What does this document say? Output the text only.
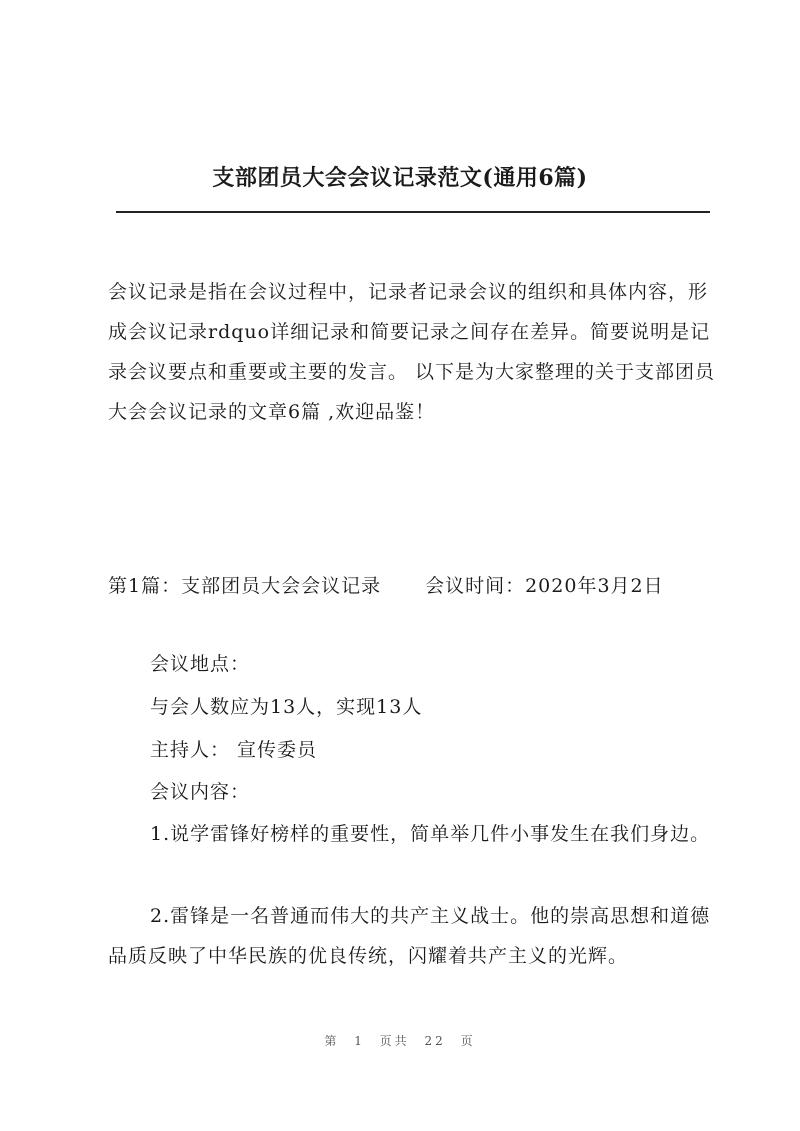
支部团员大会会议记录范文(通用6篇)

会议记录是指在会议过程中，记录者记录会议的组织和具体内容，形成会议记录rdquo详细记录和简要记录之间存在差异。简要说明是记录会议要点和重要或主要的发言。 以下是为大家整理的关于支部团员大会会议记录的文章6篇 ,欢迎品鉴！

第1篇：支部团员大会会议记录 会议时间：2020年3月2日

会议地点：

与会人数应为13人，实现13人

主持人： 宣传委员

会议内容：

1.说学雷锋好榜样的重要性，简单举几件小事发生在我们身边。

2.雷锋是一名普通而伟大的共产主义战士。他的崇高思想和道德品质反映了中华民族的优良传统，闪耀着共产主义的光辉。

第 1 页共 22 页
